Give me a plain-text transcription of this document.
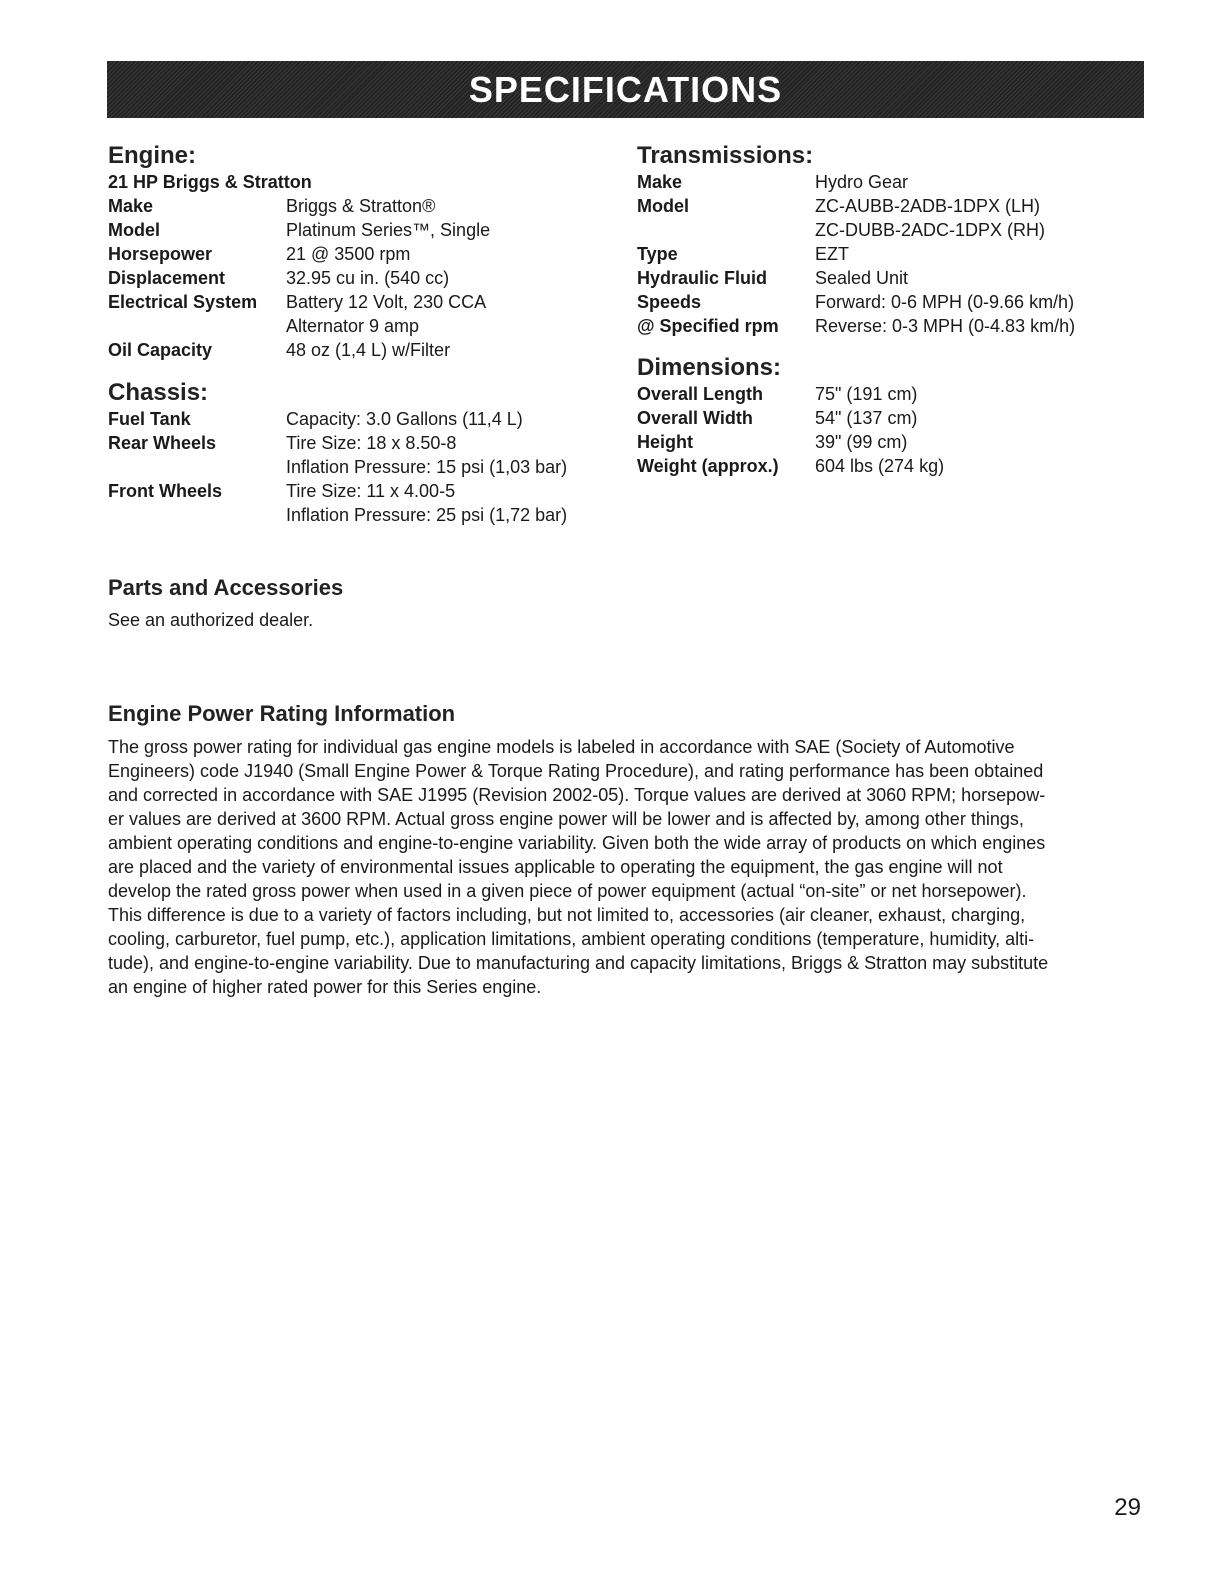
SPECIFICATIONS
Engine:
21 HP Briggs & Stratton
Make	Briggs & Stratton®
Model	Platinum Series™, Single
Horsepower	21 @ 3500 rpm
Displacement	32.95 cu in. (540 cc)
Electrical System	Battery 12 Volt, 230 CCA
Alternator 9 amp
Oil Capacity	48 oz (1,4 L) w/Filter
Chassis:
Fuel Tank	Capacity: 3.0 Gallons (11,4 L)
Rear Wheels	Tire Size: 18 x 8.50-8
Inflation Pressure: 15 psi (1,03 bar)
Front Wheels	Tire Size: 11 x 4.00-5
Inflation Pressure: 25 psi (1,72 bar)
Transmissions:
Make	Hydro Gear
Model	ZC-AUBB-2ADB-1DPX (LH)
ZC-DUBB-2ADC-1DPX (RH)
Type	EZT
Hydraulic Fluid	Sealed Unit
Speeds	Forward: 0-6 MPH (0-9.66 km/h)
@ Specified rpm	Reverse: 0-3 MPH (0-4.83 km/h)
Dimensions:
Overall Length	75" (191 cm)
Overall Width	54" (137 cm)
Height	39" (99 cm)
Weight (approx.)	604 lbs (274 kg)
Parts and Accessories
See an authorized dealer.
Engine Power Rating Information
The gross power rating for individual gas engine models is labeled in accordance with SAE (Society of Automotive
Engineers) code J1940 (Small Engine Power & Torque Rating Procedure), and rating performance has been obtained
and corrected in accordance with SAE J1995 (Revision 2002-05). Torque values are derived at 3060 RPM; horsepow-
er values are derived at 3600 RPM. Actual gross engine power will be lower and is affected by, among other things,
ambient operating conditions and engine-to-engine variability. Given both the wide array of products on which engines
are placed and the variety of environmental issues applicable to operating the equipment, the gas engine will not
develop the rated gross power when used in a given piece of power equipment (actual “on-site” or net horsepower).
This difference is due to a variety of factors including, but not limited to, accessories (air cleaner, exhaust, charging,
cooling, carburetor, fuel pump, etc.), application limitations, ambient operating conditions (temperature, humidity, alti-
tude), and engine-to-engine variability. Due to manufacturing and capacity limitations, Briggs & Stratton may substitute
an engine of higher rated power for this Series engine.
29
